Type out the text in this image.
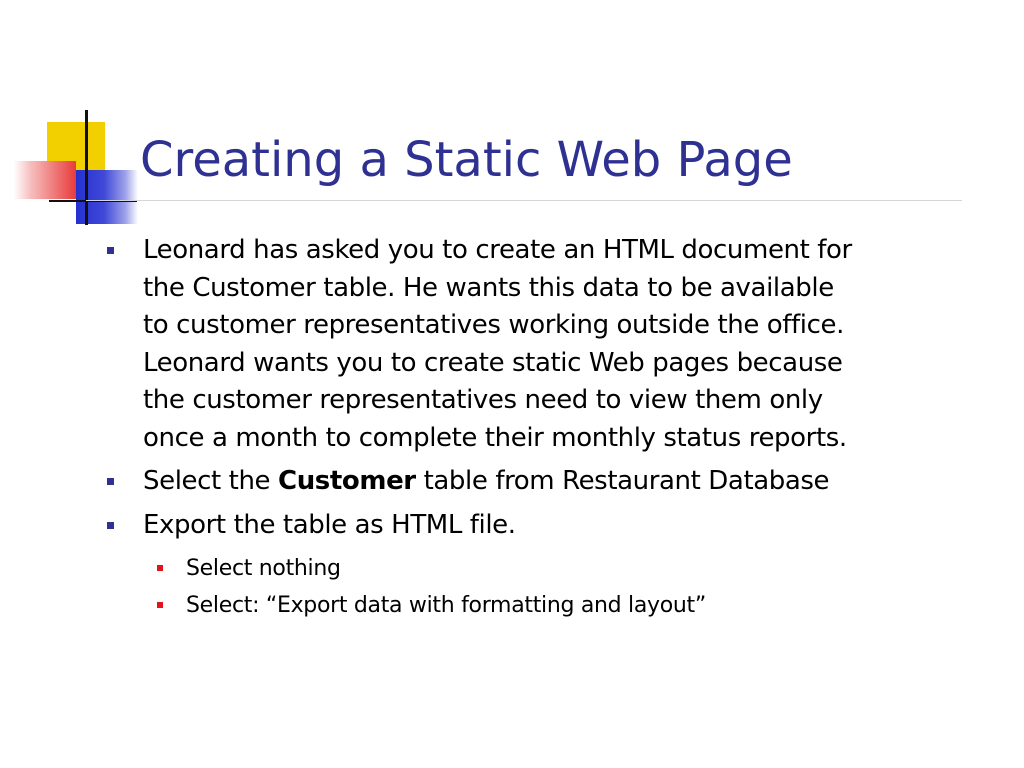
Creating a Static Web Page
Leonard has asked you to create an HTML document for
the Customer table. He wants this data to be available
to customer representatives working outside the office.
Leonard wants you to create static Web pages because
the customer representatives need to view them only
once a month to complete their monthly status reports.
Select the Customer table from Restaurant Database
Export the table as HTML file.
Select nothing
Select: “Export data with formatting and layout”
